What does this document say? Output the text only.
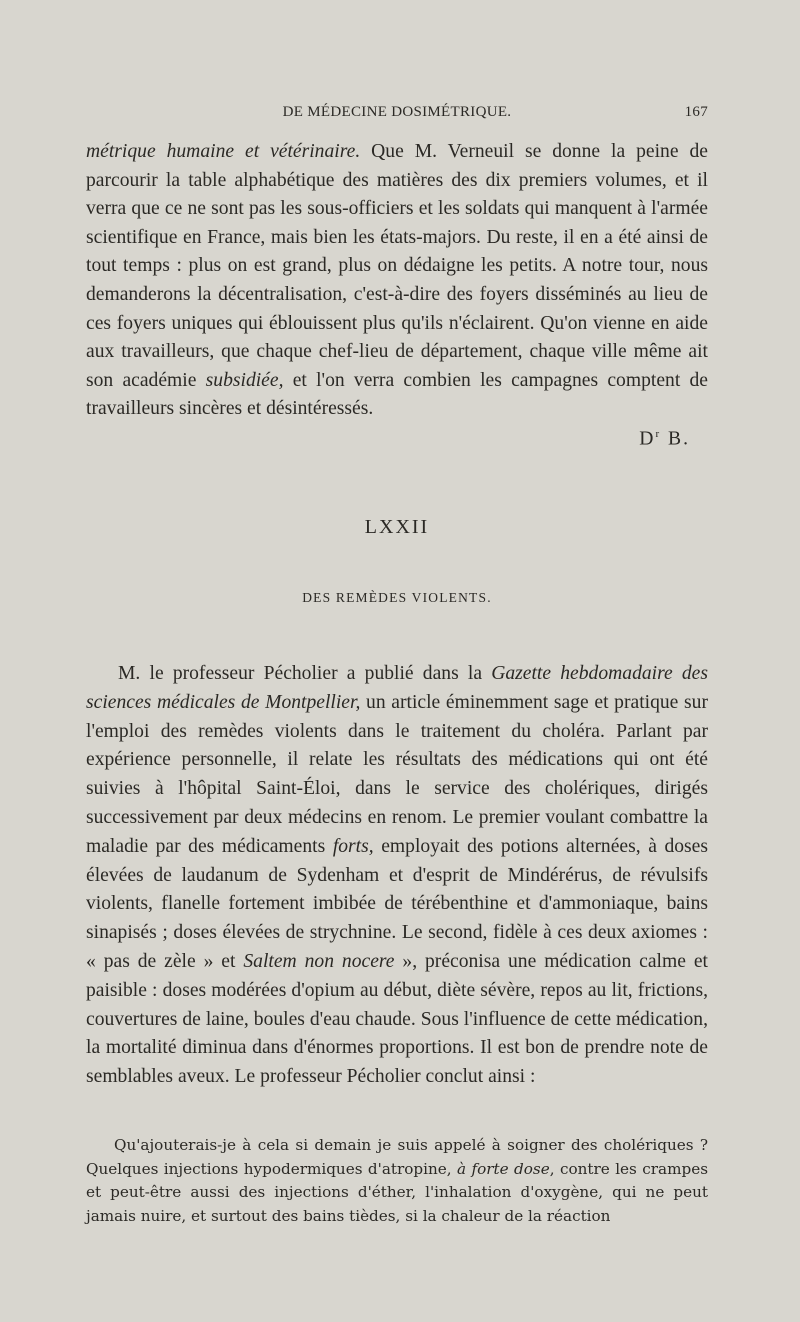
DE MÉDECINE DOSIMÉTRIQUE.	167

métrique humaine et vétérinaire. Que M. Verneuil se donne la peine de parcourir la table alphabétique des matières des dix premiers volumes, et il verra que ce ne sont pas les sous-officiers et les soldats qui manquent à l'armée scientifique en France, mais bien les états-majors. Du reste, il en a été ainsi de tout temps : plus on est grand, plus on dédaigne les petits. A notre tour, nous demanderons la décentralisation, c'est-à-dire des foyers disséminés au lieu de ces foyers uniques qui éblouissent plus qu'ils n'éclairent. Qu'on vienne en aide aux travailleurs, que chaque chef-lieu de département, chaque ville même ait son académie subsidiée, et l'on verra combien les campagnes comptent de travailleurs sincères et désintéressés.

$D^r$ B.
LXXII
DES REMÈDES VIOLENTS.

M. le professeur Pécholier a publié dans la Gazette hebdomadaire des sciences médicales de Montpellier, un article éminemment sage et pratique sur l'emploi des remèdes violents dans le traitement du choléra. Parlant par expérience personnelle, il relate les résultats des médications qui ont été suivies à l'hôpital Saint-Éloi, dans le service des cholériques, dirigés successivement par deux médecins en renom. Le premier voulant combattre la maladie par des médicaments forts, employait des potions alternées, à doses élevées de laudanum de Sydenham et d'esprit de Mindérérus, de révulsifs violents, flanelle fortement imbibée de térébenthine et d'ammoniaque, bains sinapisés ; doses élevées de strychnine. Le second, fidèle à ces deux axiomes : « pas de zèle » et Saltem non nocere », préconisa une médication calme et paisible : doses modérées d'opium au début, diète sévère, repos au lit, frictions, couvertures de laine, boules d'eau chaude. Sous l'influence de cette médication, la mortalité diminua dans d'énormes proportions. Il est bon de prendre note de semblables aveux. Le professeur Pécholier conclut ainsi :

Qu'ajouterais-je à cela si demain je suis appelé à soigner des cholériques ? Quelques injections hypodermiques d'atropine, à forte dose, contre les crampes et peut-être aussi des injections d'éther, l'inhalation d'oxygène, qui ne peut jamais nuire, et surtout des bains tièdes, si la chaleur de la réaction
